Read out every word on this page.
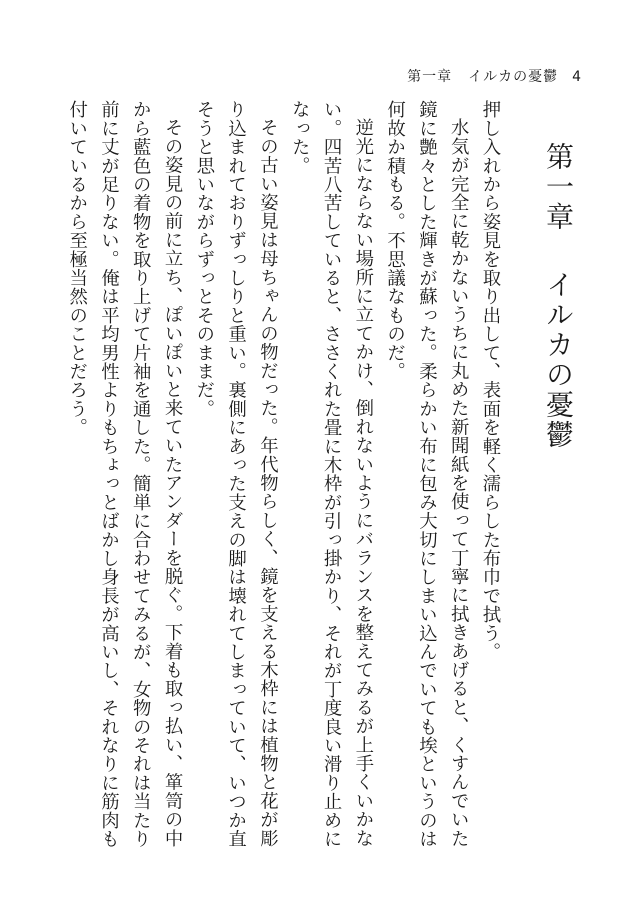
第一章 イルカの憂鬱 4
第一章イルカの憂鬱
押し入れから姿見を取り出して、表面を軽く濡らした布巾で拭う。
水気が完全に乾かないうちに丸めた新聞紙を使って丁寧に拭きあげると、くすんでいた鏡に艶々とした輝きが蘇った。柔らかい布に包み大切にしまい込んでいても埃というのは何故か積もる。不思議なものだ。
逆光にならない場所に立てかけ、倒れないようにバランスを整えてみるが上手くいかない。四苦八苦していると、ささくれた畳に木枠が引っ掛かり、それが丁度良い滑り止めになった。
その古い姿見は母ちゃんの物だった。年代物らしく、鏡を支える木枠には植物と花が彫り込まれておりずっしりと重い。裏側にあった支えの脚は壊れてしまっていて、いつか直そうと思いながらずっとそのままだ。
その姿見の前に立ち、ぽいぽいと来ていたアンダーを脱ぐ。下着も取っ払い、箪笥の中から藍色の着物を取り上げて片袖を通した。簡単に合わせてみるが、女物のそれは当たり前に丈が足りない。俺は平均男性よりもちょっとばかし身長が高いし、それなりに筋肉も付いているから至極当然のことだろう。
